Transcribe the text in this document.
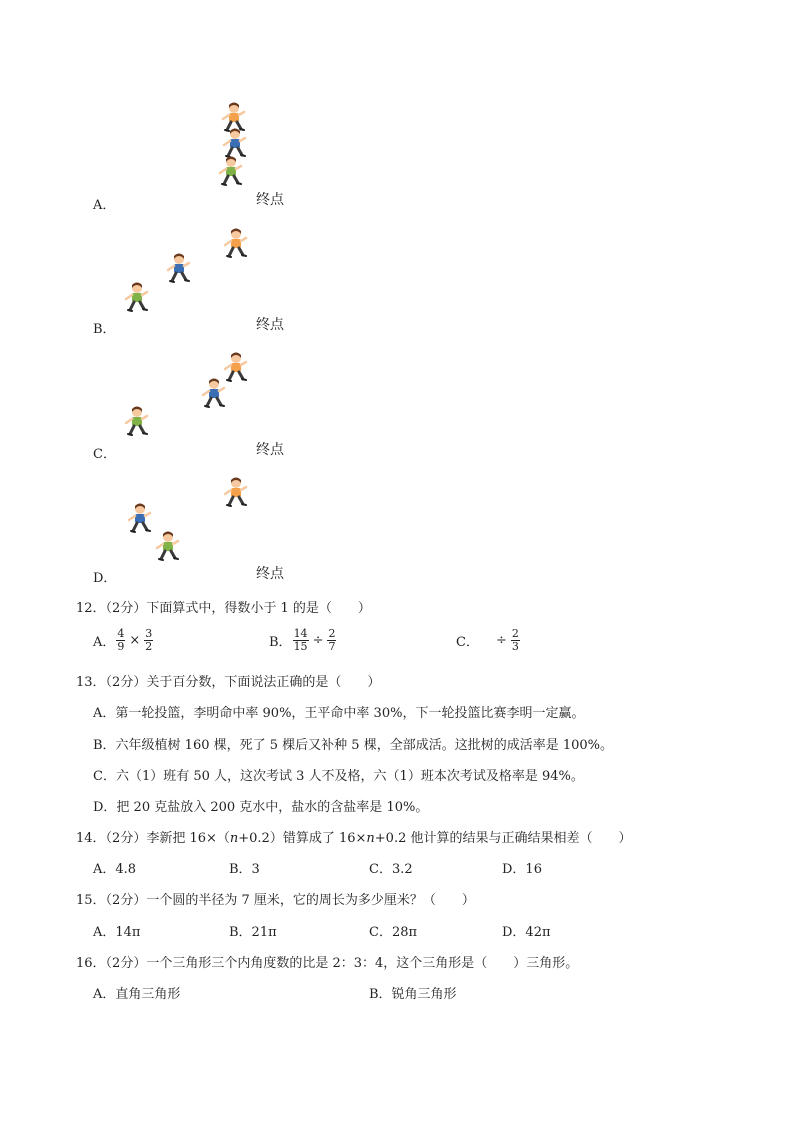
A．	终点
B．	终点
C．	终点
D．	终点
12．（2分）下面算式中，得数小于 1 的是（　　）
A． $\frac{4}{9} \times \frac{3}{2}$	B． $\frac{14}{15} \div \frac{2}{7}$	C． ÷ $\frac{2}{3}$
13．（2分）关于百分数，下面说法正确的是（　　）
A．第一轮投篮，李明命中率 90%，王平命中率 30%，下一轮投篮比赛李明一定赢。
B．六年级植树 160 棵，死了 5 棵后又补种 5 棵，全部成活。这批树的成活率是 100%。
C．六（1）班有 50 人，这次考试 3 人不及格，六（1）班本次考试及格率是 94%。
D．把 20 克盐放入 200 克水中，盐水的含盐率是 10%。
14．（2分）李新把 16×（n+0.2）错算成了 16×n+0.2 他计算的结果与正确结果相差（　　）
A．4.8	B．3	C．3.2	D．16
15．（2分）一个圆的半径为 7 厘米，它的周长为多少厘米？（　　）
A．14π	B．21π	C．28π	D．42π
16．（2分）一个三角形三个内角度数的比是 2：3：4，这个三角形是（　　）三角形。
A．直角三角形	B．锐角三角形
